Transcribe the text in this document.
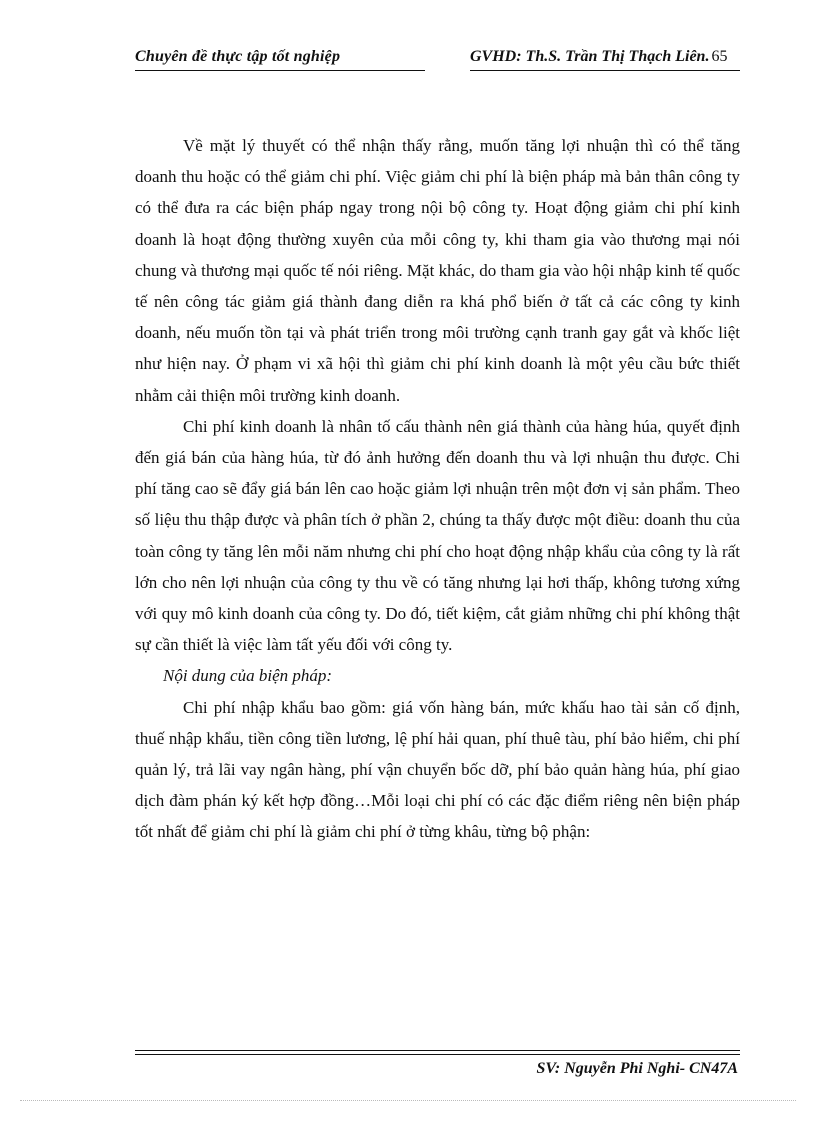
Chuyên đề thực tập tốt nghiệp	GVHD: Th.S. Trần Thị Thạch Liên. 65

Về mặt lý thuyết có thể nhận thấy rằng, muốn tăng lợi nhuận thì có thể tăng doanh thu hoặc có thể giảm chi phí. Việc giảm chi phí là biện pháp mà bản thân công ty có thể đưa ra các biện pháp ngay trong nội bộ công ty. Hoạt động giảm chi phí kinh doanh là hoạt động thường xuyên của mỗi công ty, khi tham gia vào thương mại nói chung và thương mại quốc tế nói riêng. Mặt khác, do tham gia vào hội nhập kinh tế quốc tế nên công tác giảm giá thành đang diễn ra khá phổ biến ở tất cả các công ty kinh doanh, nếu muốn tồn tại và phát triển trong môi trường cạnh tranh gay gắt và khốc liệt như hiện nay. Ở phạm vi xã hội thì giảm chi phí kinh doanh là một yêu cầu bức thiết nhằm cải thiện môi trường kinh doanh.

Chi phí kinh doanh là nhân tố cấu thành nên giá thành của hàng húa, quyết định đến giá bán của hàng húa, từ đó ảnh hưởng đến doanh thu và lợi nhuận thu được. Chi phí tăng cao sẽ đẩy giá bán lên cao hoặc giảm lợi nhuận trên một đơn vị sản phẩm. Theo số liệu thu thập được và phân tích ở phần 2, chúng ta thấy được một điều: doanh thu của toàn công ty tăng lên mỗi năm nhưng chi phí cho hoạt động nhập khẩu của công ty là rất lớn cho nên lợi nhuận của công ty thu về có tăng nhưng lại hơi thấp, không tương xứng với quy mô kinh doanh của công ty. Do đó, tiết kiệm, cắt giảm những chi phí không thật sự cần thiết là việc làm tất yếu đối với công ty.

Nội dung của biện pháp:

Chi phí nhập khẩu bao gồm: giá vốn hàng bán, mức khấu hao tài sản cố định, thuế nhập khẩu, tiền công tiền lương, lệ phí hải quan, phí thuê tàu, phí bảo hiểm, chi phí quản lý, trả lãi vay ngân hàng, phí vận chuyển bốc dỡ, phí bảo quản hàng húa, phí giao dịch đàm phán ký kết hợp đồng…Mỗi loại chi phí có các đặc điểm riêng nên biện pháp tốt nhất để giảm chi phí là giảm chi phí ở từng khâu, từng bộ phận:

SV: Nguyễn Phi Nghi- CN47A
